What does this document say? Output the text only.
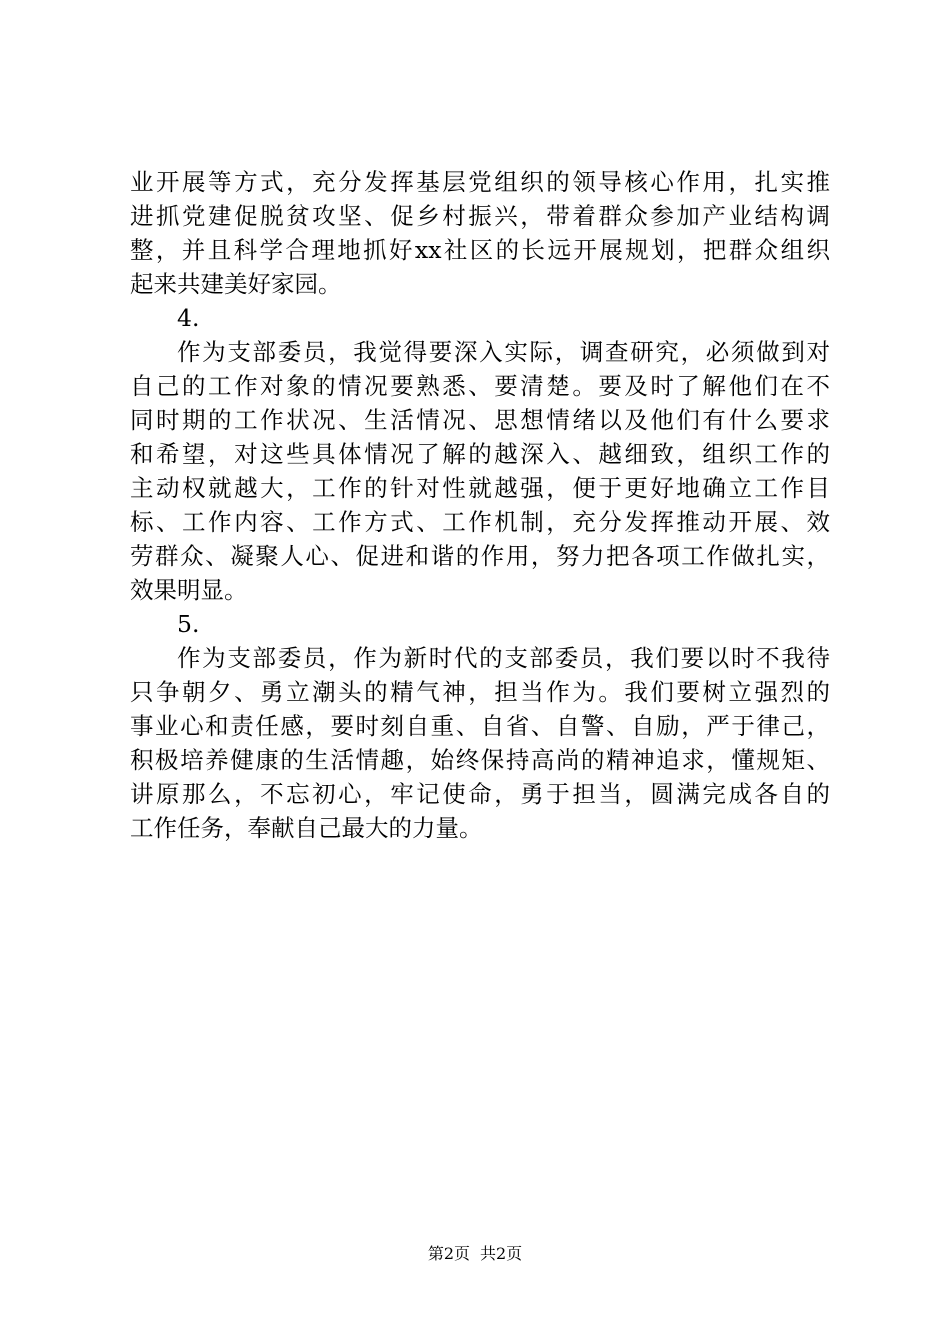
业开展等方式，充分发挥基层党组织的领导核心作用，扎实推
进抓党建促脱贫攻坚、促乡村振兴，带着群众参加产业结构调
整，并且科学合理地抓好xx社区的长远开展规划，把群众组织
起来共建美好家园。
4.
作为支部委员，我觉得要深入实际，调查研究，必须做到对
自己的工作对象的情况要熟悉、要清楚。要及时了解他们在不
同时期的工作状况、生活情况、思想情绪以及他们有什么要求
和希望，对这些具体情况了解的越深入、越细致，组织工作的
主动权就越大，工作的针对性就越强，便于更好地确立工作目
标、工作内容、工作方式、工作机制，充分发挥推动开展、效
劳群众、凝聚人心、促进和谐的作用，努力把各项工作做扎实，
效果明显。
5.
作为支部委员，作为新时代的支部委员，我们要以时不我待
只争朝夕、勇立潮头的精气神，担当作为。我们要树立强烈的
事业心和责任感，要时刻自重、自省、自警、自励，严于律己，
积极培养健康的生活情趣，始终保持高尚的精神追求，懂规矩、
讲原那么，不忘初心，牢记使命，勇于担当，圆满完成各自的
工作任务，奉献自己最大的力量。
第2页 共2页
